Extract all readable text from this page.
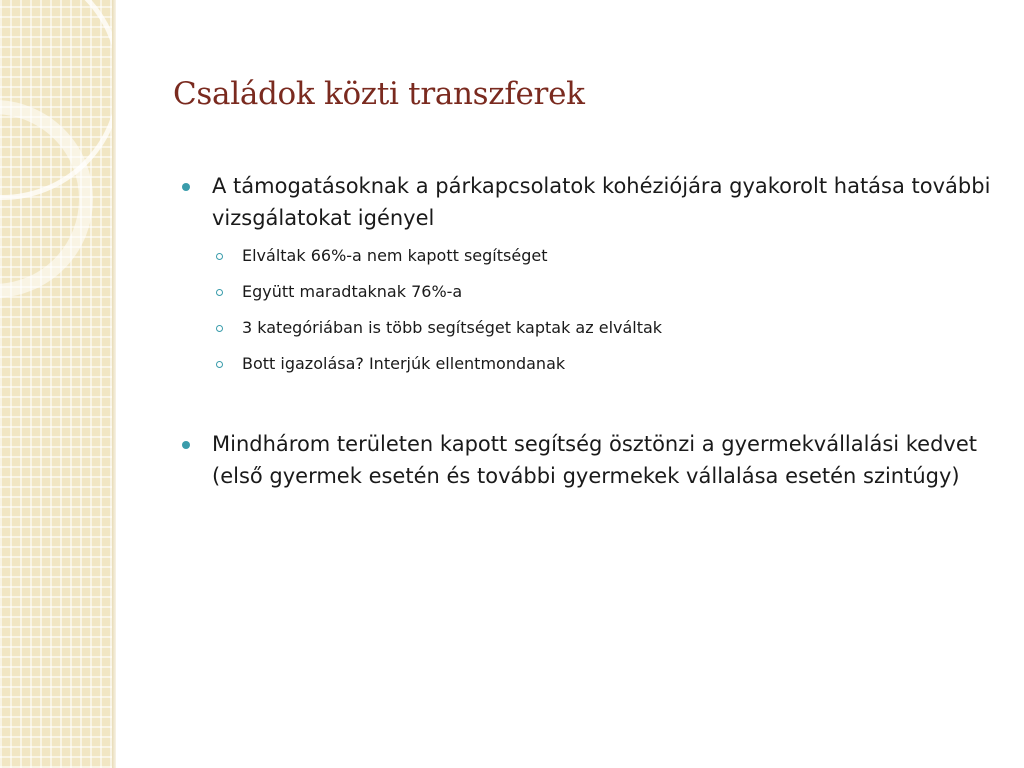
Családok közti transzferek
A támogatásoknak a párkapcsolatok kohéziójára gyakorolt hatása további vizsgálatokat igényel
Elváltak 66%-a nem kapott segítséget
Együtt maradtaknak 76%-a
3 kategóriában is több segítséget kaptak az elváltak
Bott igazolása? Interjúk ellentmondanak
Mindhárom területen kapott segítség ösztönzi a gyermekvállalási kedvet (első gyermek esetén és további gyermekek vállalása esetén szintúgy)
